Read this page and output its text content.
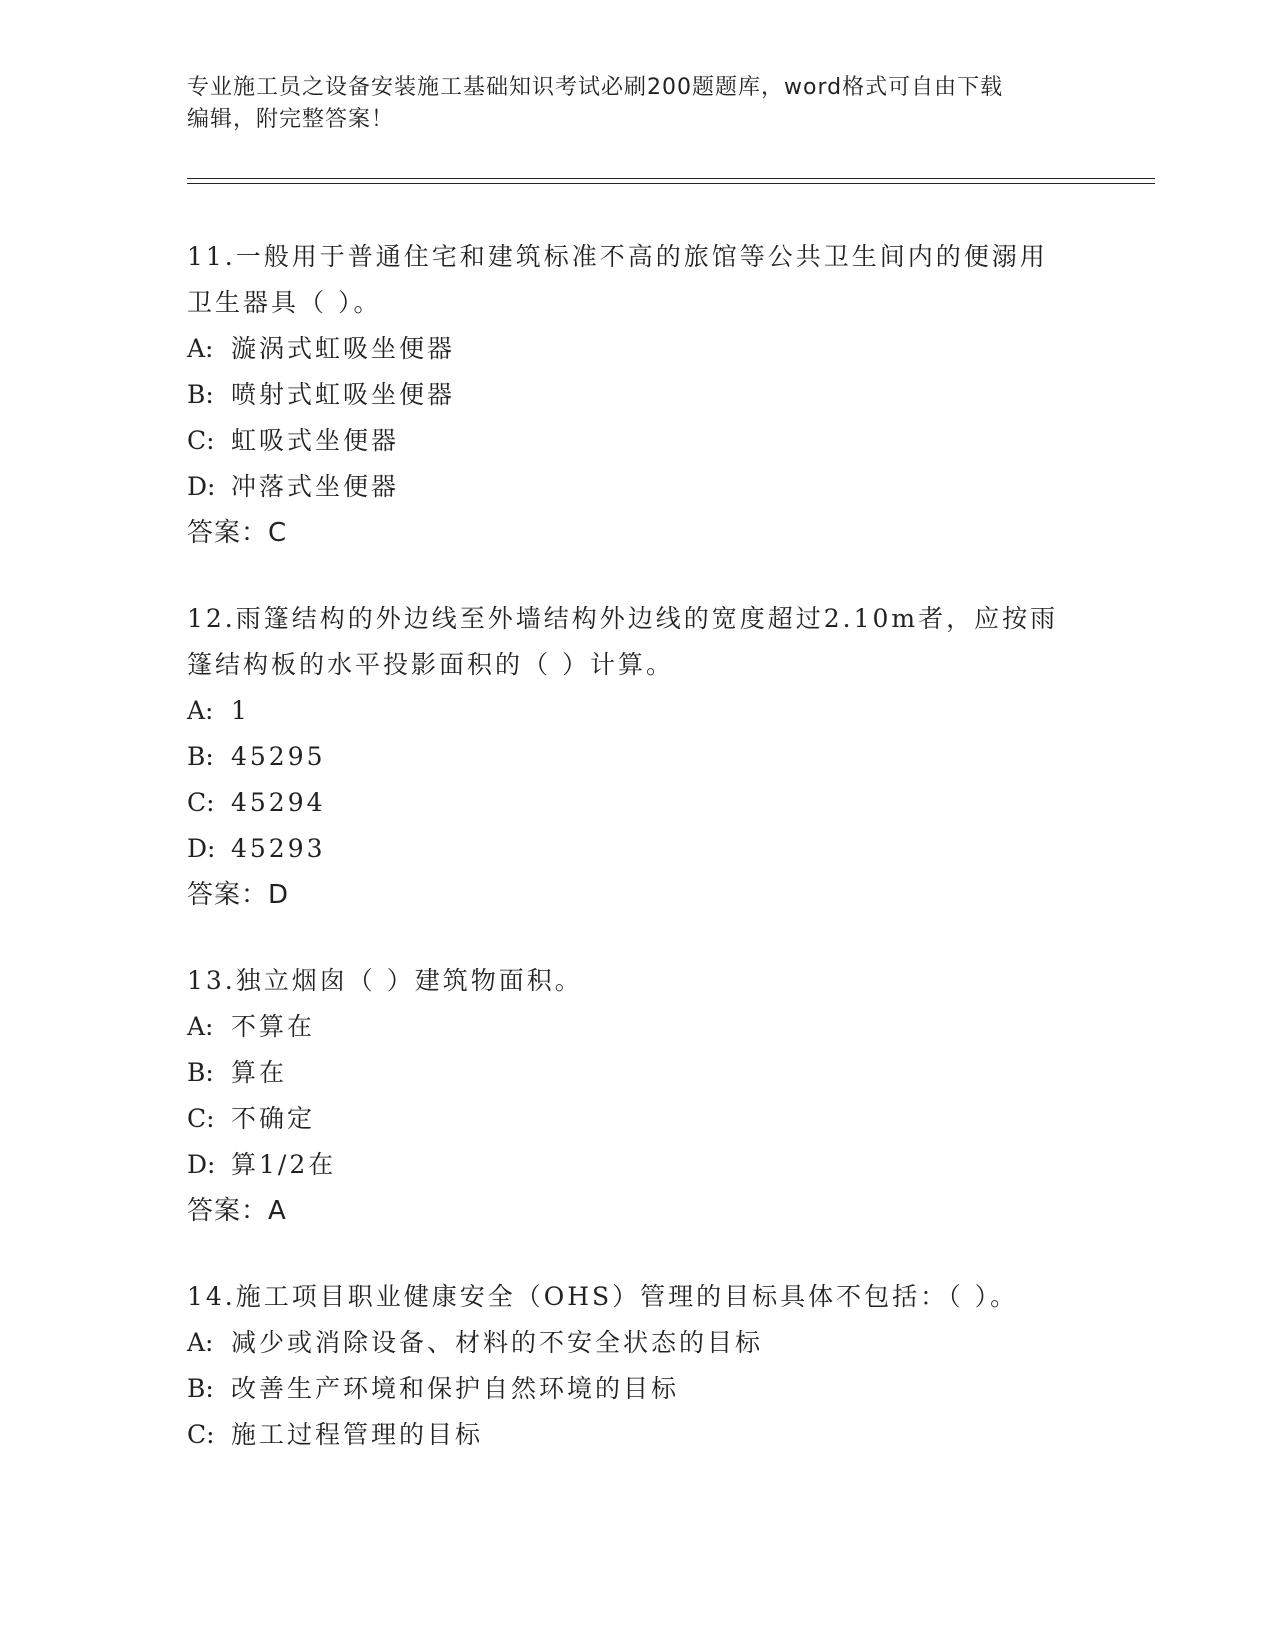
专业施工员之设备安装施工基础知识考试必刷200题题库，word格式可自由下载
编辑，附完整答案！
11.一般用于普通住宅和建筑标准不高的旅馆等公共卫生间内的便溺用
卫生器具（ ）。
A: 漩涡式虹吸坐便器
B: 喷射式虹吸坐便器
C: 虹吸式坐便器
D: 冲落式坐便器
答案：C
12.雨篷结构的外边线至外墙结构外边线的宽度超过2.10m者，应按雨
篷结构板的水平投影面积的（ ）计算。
A: 1
B: 45295
C: 45294
D: 45293
答案：D
13.独立烟囱（ ）建筑物面积。
A: 不算在
B: 算在
C: 不确定
D: 算1/2在
答案：A
14.施工项目职业健康安全（OHS）管理的目标具体不包括：（ ）。
A: 减少或消除设备、材料的不安全状态的目标
B: 改善生产环境和保护自然环境的目标
C: 施工过程管理的目标
